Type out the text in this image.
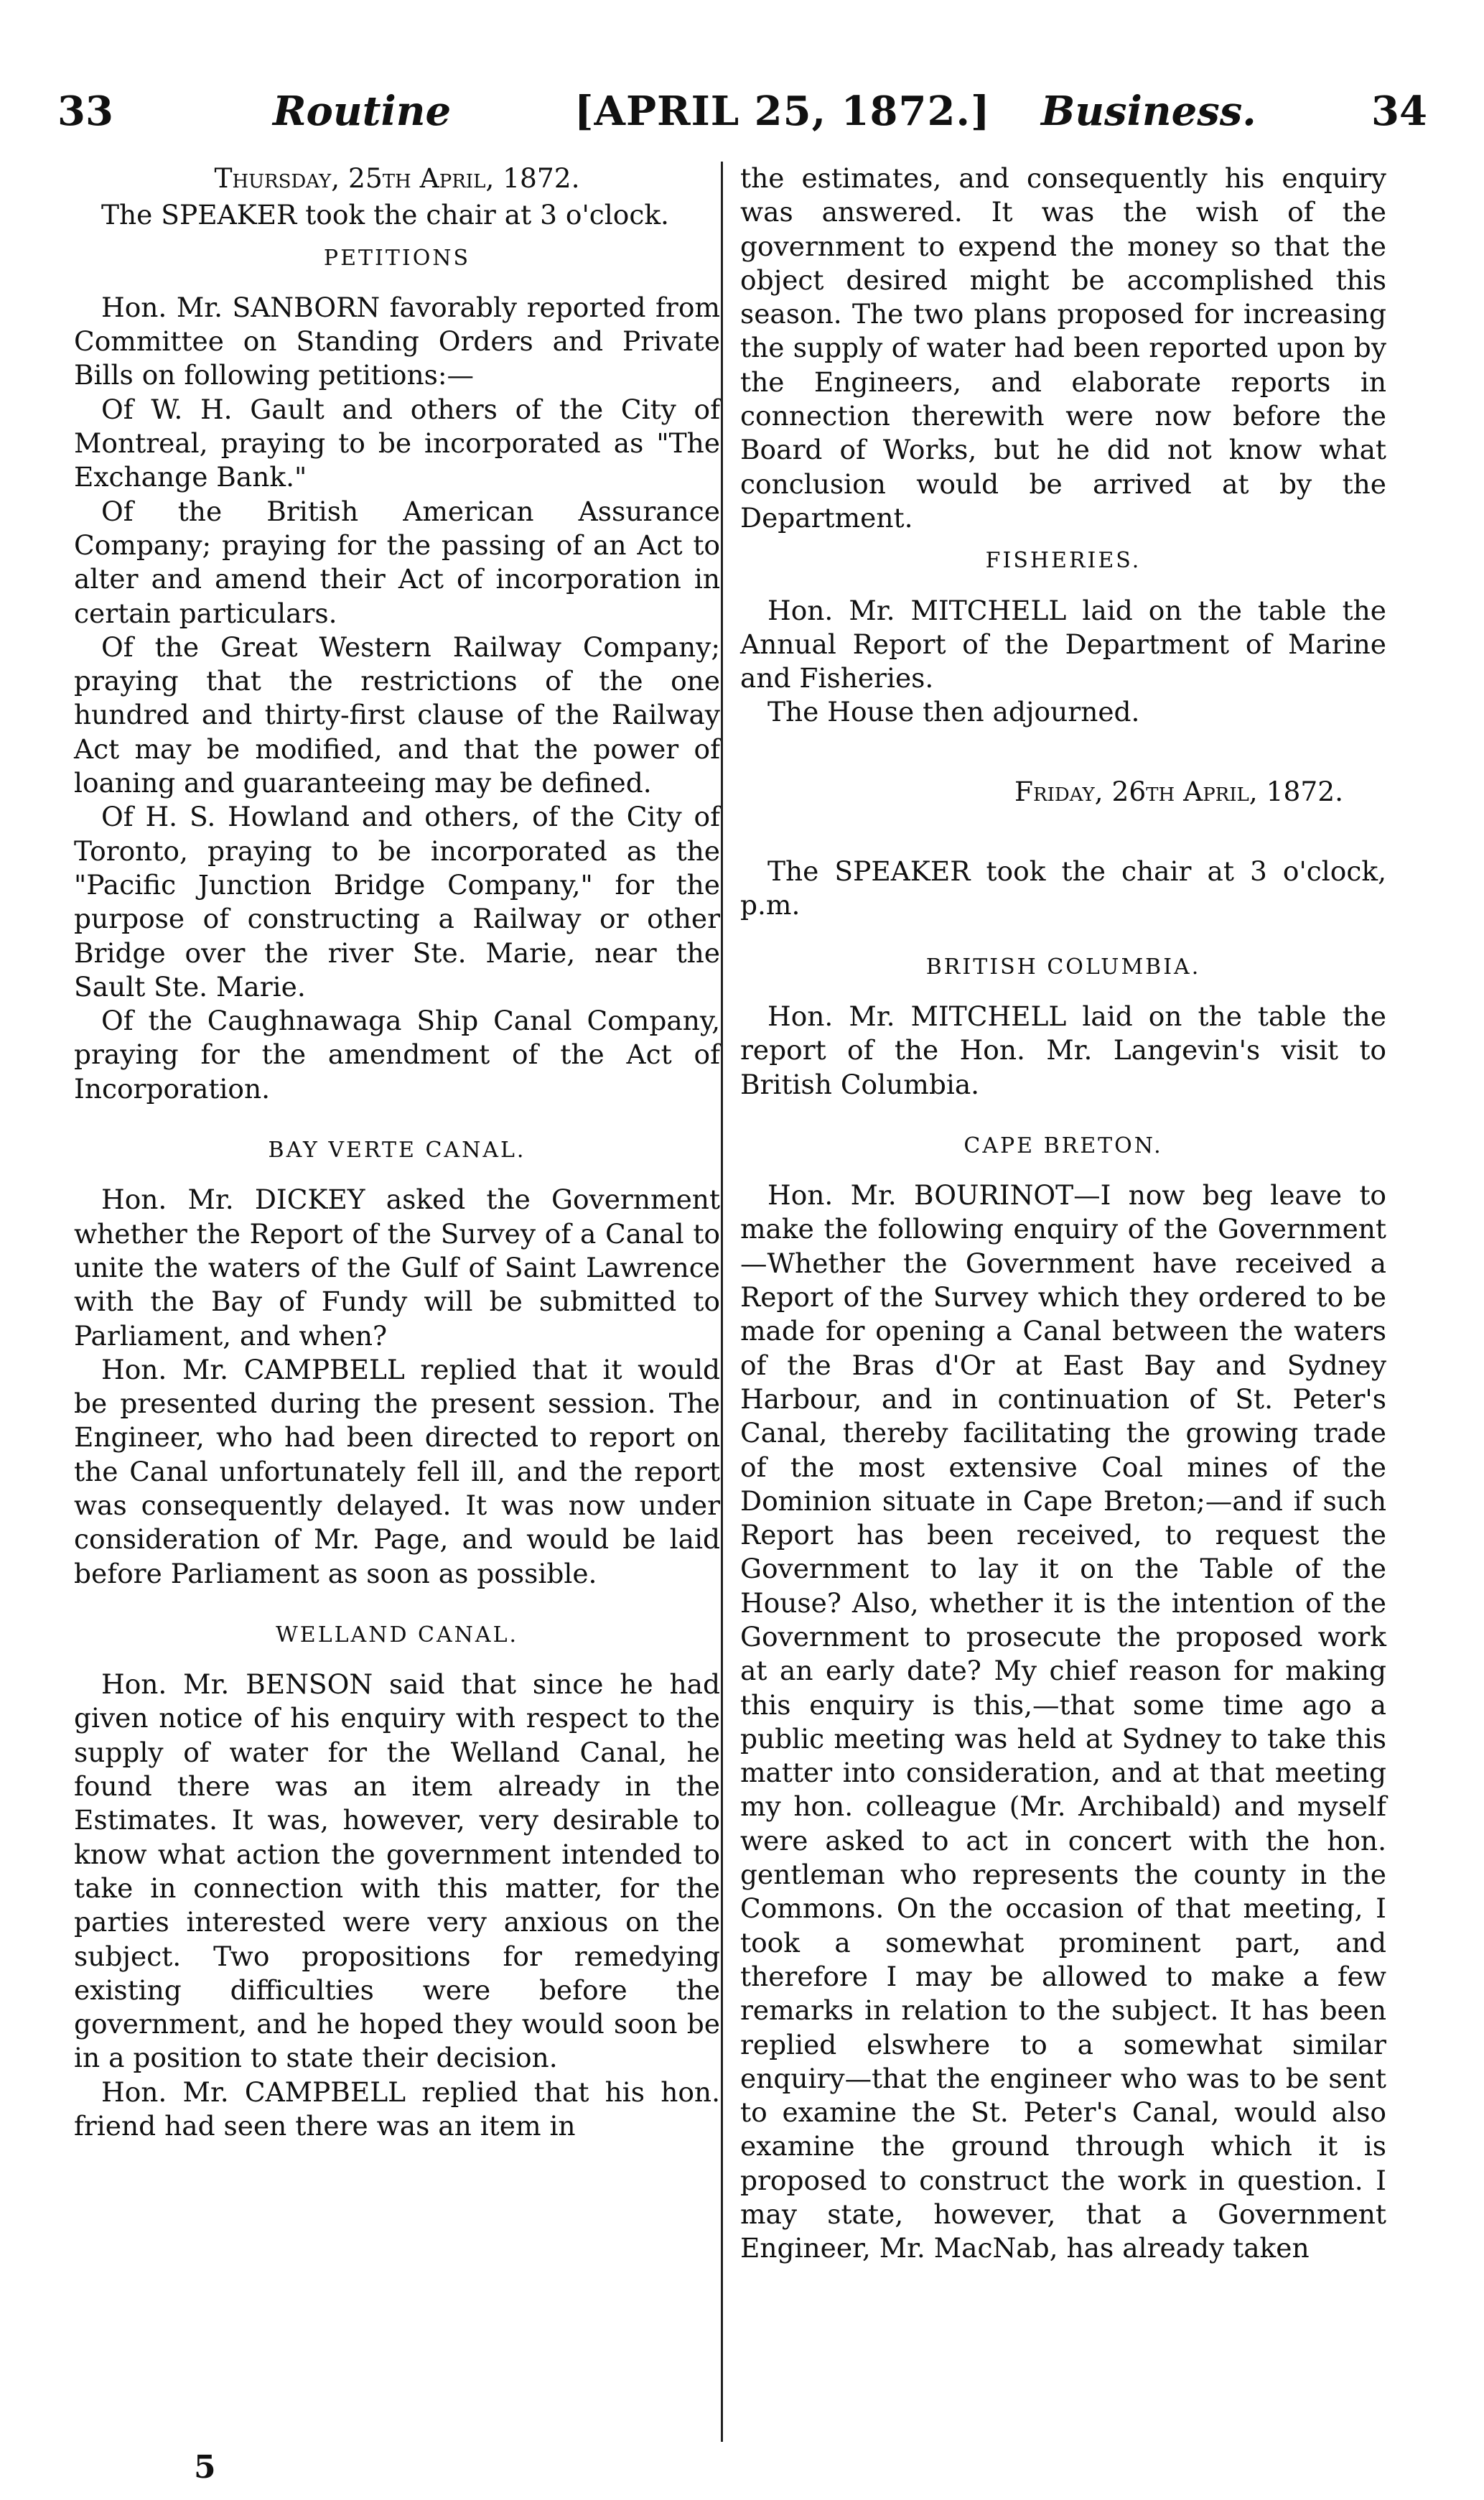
33	Routine	[APRIL 25, 1872.] Business.	34

Thursday, 25th April, 1872.

The SPEAKER took the chair at 3 o'clock.

PETITIONS

Hon. Mr. SANBORN favorably reported from Committee on Standing Orders and Private Bills on following petitions:—

Of W. H. Gault and others of the City of Montreal, praying to be incorporated as "The Exchange Bank."

Of the British American Assurance Company; praying for the passing of an Act to alter and amend their Act of incorporation in certain particulars.

Of the Great Western Railway Company; praying that the restrictions of the one hundred and thirty-first clause of the Railway Act may be modified, and that the power of loaning and guaranteeing may be defined.

Of H. S. Howland and others, of the City of Toronto, praying to be incorporated as the "Pacific Junction Bridge Company," for the purpose of constructing a Railway or other Bridge over the river Ste. Marie, near the Sault Ste. Marie.

Of the Caughnawaga Ship Canal Company, praying for the amendment of the Act of Incorporation.

BAY VERTE CANAL.

Hon. Mr. DICKEY asked the Government whether the Report of the Survey of a Canal to unite the waters of the Gulf of Saint Lawrence with the Bay of Fundy will be submitted to Parliament, and when?

Hon. Mr. CAMPBELL replied that it would be presented during the present session. The Engineer, who had been directed to report on the Canal unfortunately fell ill, and the report was consequently delayed. It was now under consideration of Mr. Page, and would be laid before Parliament as soon as possible.

WELLAND CANAL.

Hon. Mr. BENSON said that since he had given notice of his enquiry with respect to the supply of water for the Welland Canal, he found there was an item already in the Estimates. It was, however, very desirable to know what action the government intended to take in connection with this matter, for the parties interested were very anxious on the subject. Two propositions for remedying existing difficulties were before the government, and he hoped they would soon be in a position to state their decision.

Hon. Mr. CAMPBELL replied that his hon. friend had seen there was an item in

the estimates, and consequently his enquiry was answered. It was the wish of the government to expend the money so that the object desired might be accomplished this season. The two plans proposed for increasing the supply of water had been reported upon by the Engineers, and elaborate reports in connection therewith were now before the Board of Works, but he did not know what conclusion would be arrived at by the Department.

FISHERIES.

Hon. Mr. MITCHELL laid on the table the Annual Report of the Department of Marine and Fisheries.

The House then adjourned.

Friday, 26th April, 1872.

The SPEAKER took the chair at 3 o'clock, p.m.

BRITISH COLUMBIA.

Hon. Mr. MITCHELL laid on the table the report of the Hon. Mr. Langevin's visit to British Columbia.

CAPE BRETON.

Hon. Mr. BOURINOT—I now beg leave to make the following enquiry of the Government—Whether the Government have received a Report of the Survey which they ordered to be made for opening a Canal between the waters of the Bras d'Or at East Bay and Sydney Harbour, and in continuation of St. Peter's Canal, thereby facilitating the growing trade of the most extensive Coal mines of the Dominion situate in Cape Breton;—and if such Report has been received, to request the Government to lay it on the Table of the House? Also, whether it is the intention of the Government to prosecute the proposed work at an early date? My chief reason for making this enquiry is this,—that some time ago a public meeting was held at Sydney to take this matter into consideration, and at that meeting my hon. colleague (Mr. Archibald) and myself were asked to act in concert with the hon. gentleman who represents the county in the Commons. On the occasion of that meeting, I took a somewhat prominent part, and therefore I may be allowed to make a few remarks in relation to the subject. It has been replied elswhere to a somewhat similar enquiry—that the engineer who was to be sent to examine the St. Peter's Canal, would also examine the ground through which it is proposed to construct the work in question. I may state, however, that a Government Engineer, Mr. MacNab, has already taken

5
